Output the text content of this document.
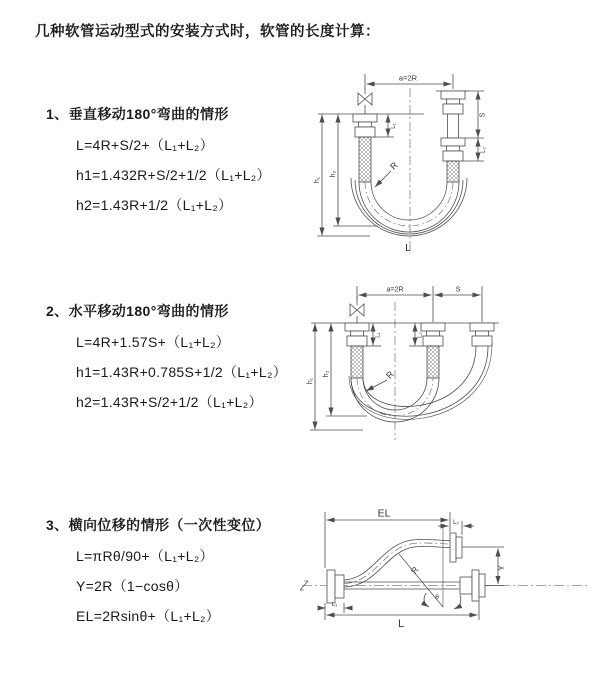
几种软管运动型式的安装方式时，软管的长度计算：

1、垂直移动180°弯曲的情形

L=4R+S/2+（L₁+L₂）

h1=1.432R+S/2+1/2（L₁+L₂）

h2=1.43R+1/2（L₁+L₂）

2、水平移动180°弯曲的情形

L=4R+1.57S+（L₁+L₂）

h1=1.43R+0.785S+1/2（L₁+L₂）

h2=1.43R+S/2+1/2（L₁+L₂）

3、横向位移的情形（一次性变位）

L=πRθ/90+（L₁+L₂）

Y=2R（1−cosθ）

EL=2Rsinθ+（L₁+L₂）

a=2R
h₁
h₂
L₁
S
L₂
R
L
a=2R	S
h₁
h₂
L₁	L₂
R
EL
L₂
Y
R
θ
L
L₁
